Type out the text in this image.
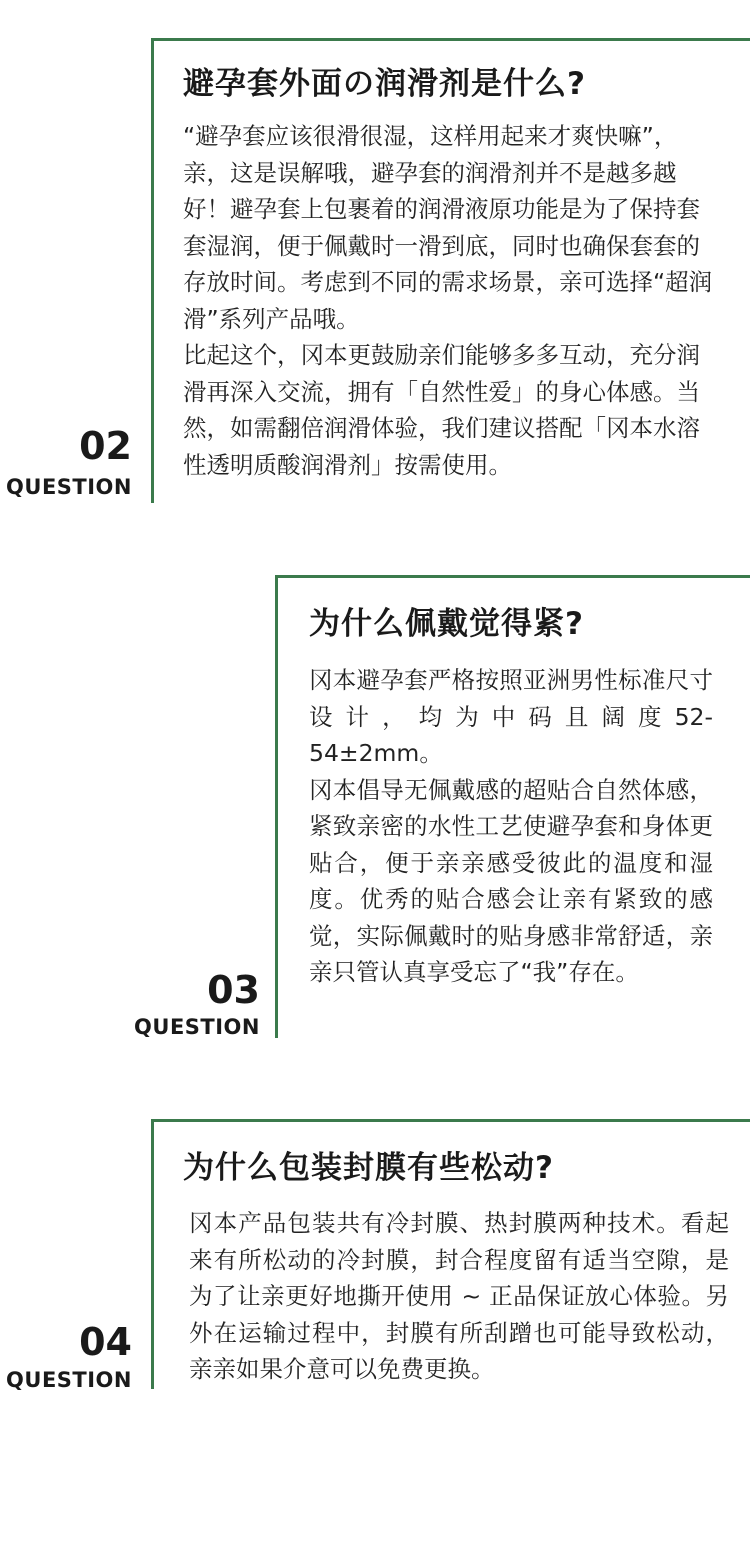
避孕套外面の润滑剂是什么?

“避孕套应该很滑很湿，这样用起来才爽快嘛”，亲，这是误解哦，避孕套的润滑剂并不是越多越好！避孕套上包裹着的润滑液原功能是为了保持套套湿润，便于佩戴时一滑到底，同时也确保套套的存放时间。考虑到不同的需求场景，亲可选择“超润滑”系列产品哦。

比起这个，冈本更鼓励亲们能够多多互动，充分润滑再深入交流，拥有「自然性爱」的身心体感。当然，如需翻倍润滑体验，我们建议搭配「冈本水溶性透明质酸润滑剂」按需使用。

02
QUESTION
为什么佩戴觉得紧?

冈本避孕套严格按照亚洲男性标准尺寸设计，均为中码且阔度52-54±2mm。

冈本倡导无佩戴感的超贴合自然体感，紧致亲密的水性工艺使避孕套和身体更贴合，便于亲亲感受彼此的温度和湿度。优秀的贴合感会让亲有紧致的感觉，实际佩戴时的贴身感非常舒适，亲亲只管认真享受忘了“我”存在。

03
QUESTION
为什么包装封膜有些松动?

冈本产品包装共有冷封膜、热封膜两种技术。看起来有所松动的冷封膜，封合程度留有适当空隙，是为了让亲更好地撕开使用 ~ 正品保证放心体验。另外在运输过程中，封膜有所刮蹭也可能导致松动，亲亲如果介意可以免费更换。

04
QUESTION
